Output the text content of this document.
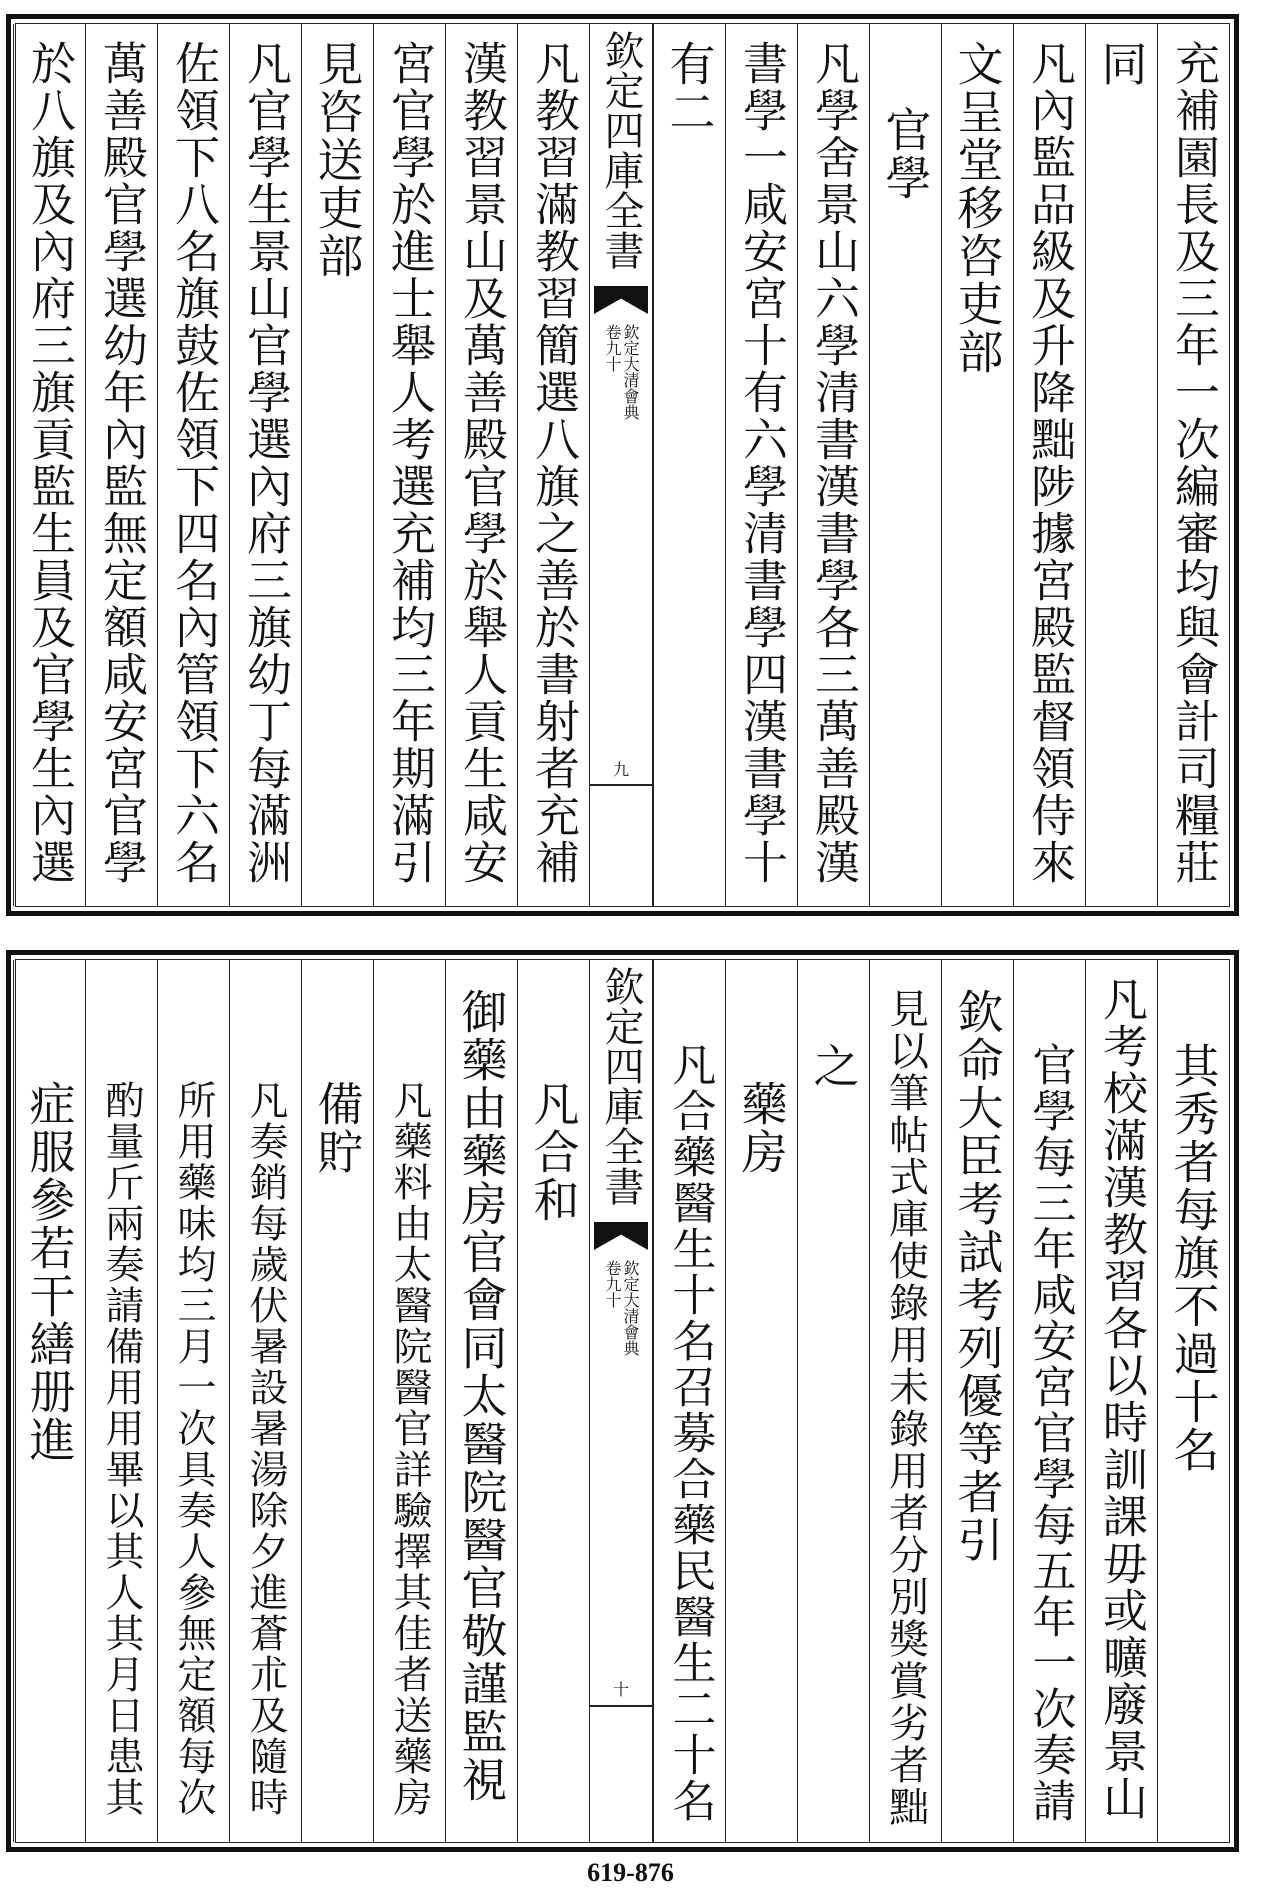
充補園長及三年一次編審均與會計司糧莊
同
凡內監品級及升降黜陟據宮殿監督領侍來
文呈堂移咨吏部
官學
凡學舍景山六學清書漢書學各三萬善殿漢
書學一咸安宮十有六學清書學四漢書學十
有二
欽定四庫全書
欽定大清會典
卷九十
九
凡教習滿教習簡選八旗之善於書射者充補
漢教習景山及萬善殿官學於舉人貢生咸安
宮官學於進士舉人考選充補均三年期滿引
見咨送吏部
凡官學生景山官學選內府三旗幼丁每滿洲
佐領下八名旗鼓佐領下四名內管領下六名
萬善殿官學選幼年內監無定額咸安宮官學
於八旗及內府三旗貢監生員及官學生內選
其秀者每旗不過十名
凡考校滿漢教習各以時訓課毋或曠廢景山
官學每三年咸安宮官學每五年一次奏請
欽命大臣考試考列優等者引
見以筆帖式庫使錄用未錄用者分別獎賞劣者黜
之
藥房
凡合藥醫生十名召募合藥民醫生二十名
欽定四庫全書
欽定大清會典
卷九十
十
凡合和
御藥由藥房官會同太醫院醫官敬謹監視
凡藥料由太醫院醫官詳驗擇其佳者送藥房
備貯
凡奏銷每歲伏暑設暑湯除夕進蒼朮及隨時
所用藥味均三月一次具奏人參無定額每次
酌量斤兩奏請備用用畢以其人其月日患其
症服參若干繕册進
619-876
